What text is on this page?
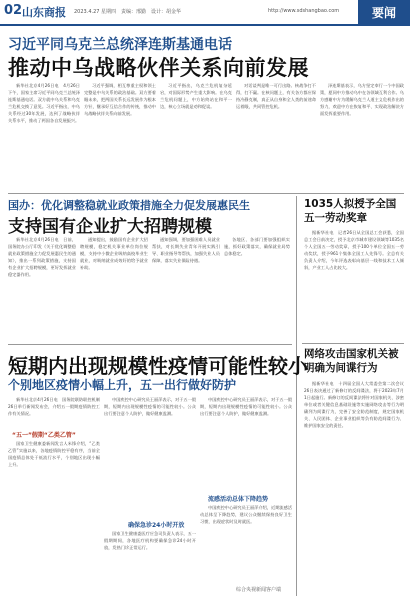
02 山东商报 2023.4.27 星期四　责编：邢勤　设计：胡金华	http://www.sdshangbao.com	要闻
习近平同乌克兰总统泽连斯基通电话
推动中乌战略伙伴关系向前发展

新华社北京4月26日电　4月26日下午，国家主席习近平同乌克兰总统泽连斯基通电话。双方就中乌关系和乌克兰危机交换了意见。习近平指出，中乌关系经过30年发展，达到了战略伙伴关系水平，推动了两国各自发展振兴。

习近平强调，相互尊重主权和领土完整是中乌关系的政治基础。双方要着眼未来，把两国关系长远发展作为根本方针，继承好互信合作的传统，推动中乌战略伙伴关系向前发展。

习近平指出，乌克兰危机复杂延宕，对国际形势产生重大影响。在乌克兰危机问题上，中方始终站在和平一边，核心立场就是劝和促谈。

对话谈判是唯一可行出路。核战争打不得，打不赢。在核问题上，有关各方都应保持冷静克制，真正从自身和全人类的前途命运着眼，共同管控危机。

泽连斯基表示，乌方坚定奉行一个中国政策，愿同中方推动乌中在各领域互利合作。乌方感谢中方为缓解乌克兰人道主义危机作出的努力，欢迎中方在恢复和平、实现政治解决方面发挥重要作用。

国办：优化调整稳就业政策措施全力促发展惠民生
支持国有企业扩大招聘规模

新华社北京4月26日电　日前，国务院办公厅印发《关于优化调整稳就业政策措施全力促发展惠民生的通知》，推出一系列政策措施，支持国有企业扩大招聘规模，更好发挥就业稳定器作用。

通知提出，鼓励国有企业扩大招聘规模，稳定机关事业单位岗位规模，支持中小微企业吸纳高校毕业生就业，对吸纳就业成效好的给予就业补助。

通知强调，要加强困难人员就业帮扶，对长期失业青年开展实践引导、职业指导等帮扶，加强失业人员保障，落实失业保险待遇。

各地区、各部门要加强组织实施，抓好政策落实，确保就业局势总体稳定。

1035人拟授予全国五一劳动奖章

据新华社电　记者26日从全国总工会获悉，全国总工会日前决定，授予北京市城市建设领域等1035名个人全国五一劳动奖章，授予100个单位全国五一劳动奖状，授予961个集体全国工人先锋号。全总有关负责人介绍，今年评选表彰向基层一线和技术工人倾斜，产业工人占比较大。

网络攻击国家机关被明确为间谍行为

据新华社电　十四届全国人大常委会第二次会议26日表决通过了新修订的反间谍法，将于2023年7月1日起施行。新修订的反间谍法将针对国家机关、涉密单位或者关键信息基础设施等实施网络攻击等行为明确列为间谍行为，完善了安全防范制度，规定国家机关、人民团体、企业事业组织等负有防范间谍行为、维护国家安全的责任。

短期内出现规模性疫情可能性较小
个别地区疫情小幅上升，五一出行做好防护

新华社北京4月26日电　国务院联防联控机制26日举行新闻发布会，介绍五一假期疫情防控工作有关情况。

“五一”假期“乙类乙管”

国家卫生健康委新闻发言人米锋介绍，“乙类乙管”实施以来，各地疫情防控平稳有序，当前全国疫情总体处于低流行水平，个别地区出现小幅上升。

中国疾控中心研究员王丽萍表示，对于五一假期，短期内出现规模性疫情的可能性较小。公众出行要注意个人防护，做好健康监测。

确保急诊24小时开放

国家卫生健康委医疗应急司负责人表示，五一假期期间，各地医疗机构要确保急诊24小时开放，发热门诊正常运行。

流感活动总体下降趋势

中国疾控中心研究员王丽萍表示，对于五一假期，短期内出现规模性疫情的可能性较小。公众出行要注意个人防护，做好健康监测。

中国疾控中心研究员王丽萍介绍，近期流感活动总体呈下降趋势，建议公众继续保持良好卫生习惯，出现症状时及时就医。

综合央视新闻客户端
